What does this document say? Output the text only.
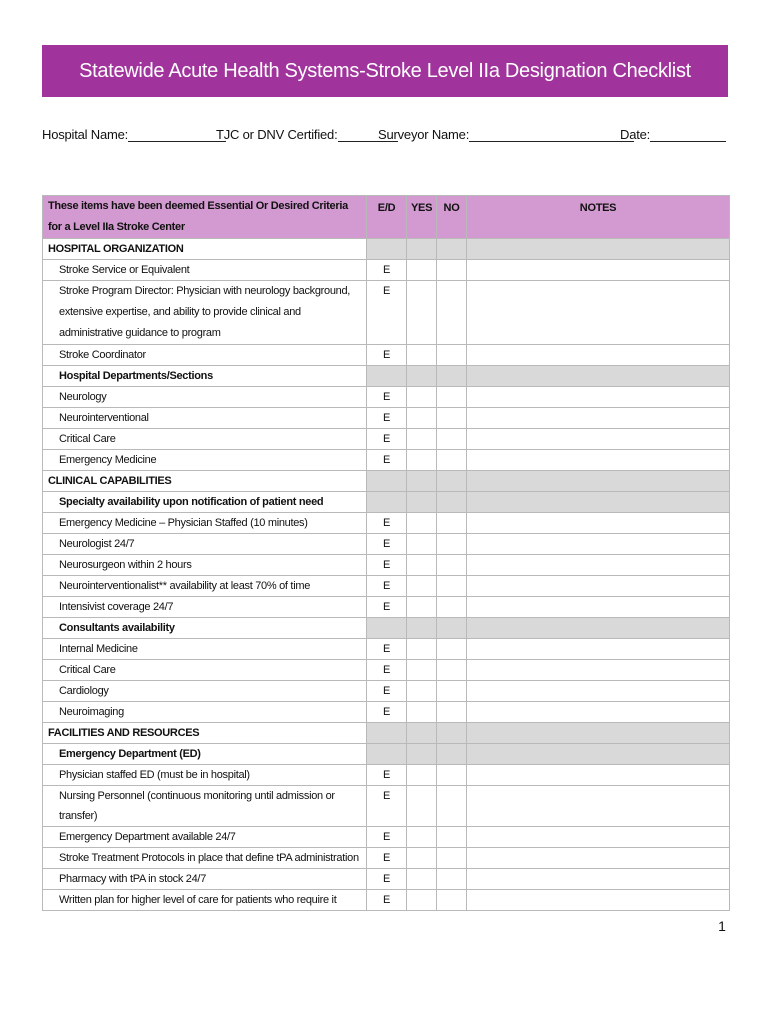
Statewide Acute Health Systems-Stroke Level IIa Designation Checklist
Hospital Name:	TJC or DNV Certified:	Surveyor Name:	Date:
These items have been deemed Essential Or Desired Criteria for a Level IIa Stroke Center	E/D	YES	NO	NOTES
HOSPITAL ORGANIZATION				
Stroke Service or Equivalent	E			
Stroke Program Director: Physician with neurology background, extensive expertise, and ability to provide clinical and administrative guidance to program	E			
Stroke Coordinator	E			
Hospital Departments/Sections				
Neurology	E			
Neurointerventional	E			
Critical Care	E			
Emergency Medicine	E			
CLINICAL CAPABILITIES				
Specialty availability upon notification of patient need				
Emergency Medicine – Physician Staffed (10 minutes)	E			
Neurologist 24/7	E			
Neurosurgeon within 2 hours	E			
Neurointerventionalist** availability at least 70% of time	E			
Intensivist coverage 24/7	E			
Consultants availability				
Internal Medicine	E			
Critical Care	E			
Cardiology	E			
Neuroimaging	E			
FACILITIES AND RESOURCES				
Emergency Department (ED)				
Physician staffed ED (must be in hospital)	E			
Nursing Personnel (continuous monitoring until admission or transfer)	E			
Emergency Department available 24/7	E			
Stroke Treatment Protocols in place that define tPA administration	E			
Pharmacy with tPA in stock 24/7	E			
Written plan for higher level of care for patients who require it	E			
1
